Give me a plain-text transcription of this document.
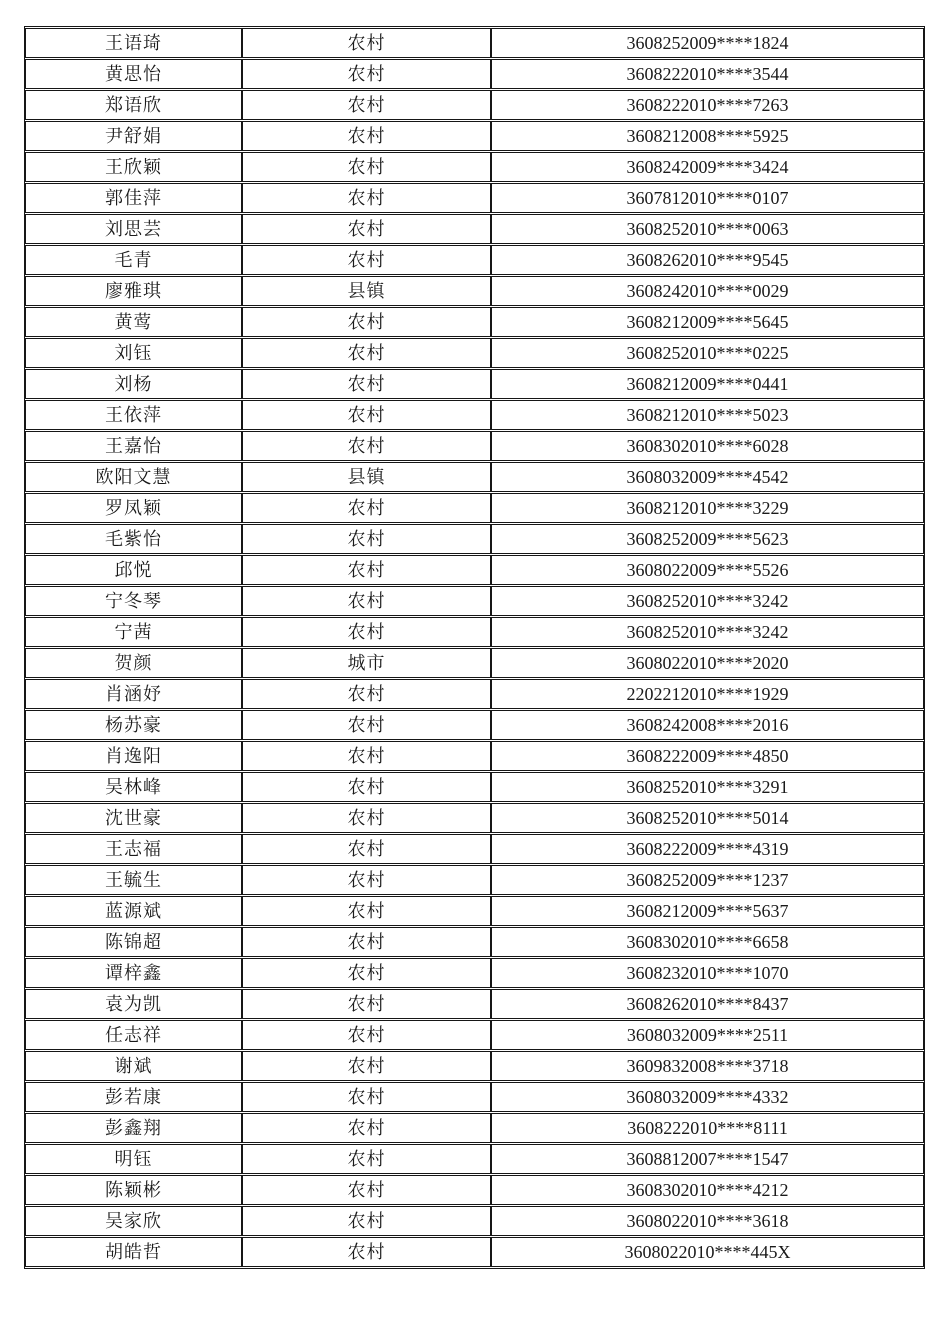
王语琦	农村	3608252009****1824
黄思怡	农村	3608222010****3544
郑语欣	农村	3608222010****7263
尹舒娟	农村	3608212008****5925
王欣颖	农村	3608242009****3424
郭佳萍	农村	3607812010****0107
刘思芸	农村	3608252010****0063
毛青	农村	3608262010****9545
廖雅琪	县镇	3608242010****0029
黄莺	农村	3608212009****5645
刘钰	农村	3608252010****0225
刘杨	农村	3608212009****0441
王依萍	农村	3608212010****5023
王嘉怡	农村	3608302010****6028
欧阳文慧	县镇	3608032009****4542
罗凤颖	农村	3608212010****3229
毛紫怡	农村	3608252009****5623
邱悦	农村	3608022009****5526
宁冬琴	农村	3608252010****3242
宁茜	农村	3608252010****3242
贺颜	城市	3608022010****2020
肖涵妤	农村	2202212010****1929
杨苏豪	农村	3608242008****2016
肖逸阳	农村	3608222009****4850
吴林峰	农村	3608252010****3291
沈世豪	农村	3608252010****5014
王志福	农村	3608222009****4319
王毓生	农村	3608252009****1237
蓝源斌	农村	3608212009****5637
陈锦超	农村	3608302010****6658
谭梓鑫	农村	3608232010****1070
袁为凯	农村	3608262010****8437
任志祥	农村	3608032009****2511
谢斌	农村	3609832008****3718
彭若康	农村	3608032009****4332
彭鑫翔	农村	3608222010****8111
明钰	农村	3608812007****1547
陈颖彬	农村	3608302010****4212
吴家欣	农村	3608022010****3618
胡皓哲	农村	3608022010****445X
